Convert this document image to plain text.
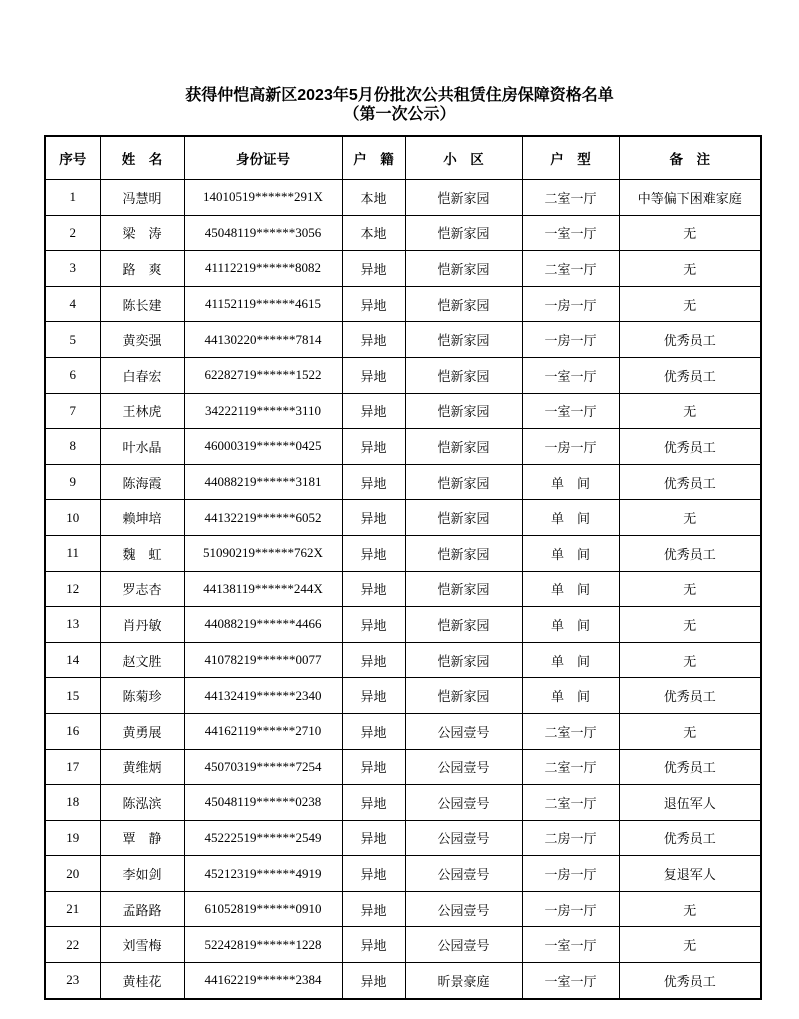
获得仲恺高新区2023年5月份批次公共租赁住房保障资格名单
（第一次公示）
序号	姓　名	身份证号	户　籍	小　区	户　型	备　注
1	冯慧明	14010519******291X	本地	恺新家园	二室一厅	中等偏下困难家庭
2	梁　涛	45048119******3056	本地	恺新家园	一室一厅	无
3	路　爽	41112219******8082	异地	恺新家园	二室一厅	无
4	陈长建	41152119******4615	异地	恺新家园	一房一厅	无
5	黄奕强	44130220******7814	异地	恺新家园	一房一厅	优秀员工
6	白春宏	62282719******1522	异地	恺新家园	一室一厅	优秀员工
7	王林虎	34222119******3110	异地	恺新家园	一室一厅	无
8	叶水晶	46000319******0425	异地	恺新家园	一房一厅	优秀员工
9	陈海霞	44088219******3181	异地	恺新家园	单　间	优秀员工
10	赖坤培	44132219******6052	异地	恺新家园	单　间	无
11	魏　虹	51090219******762X	异地	恺新家园	单　间	优秀员工
12	罗志杏	44138119******244X	异地	恺新家园	单　间	无
13	肖丹敏	44088219******4466	异地	恺新家园	单　间	无
14	赵文胜	41078219******0077	异地	恺新家园	单　间	无
15	陈菊珍	44132419******2340	异地	恺新家园	单　间	优秀员工
16	黄勇展	44162119******2710	异地	公园壹号	二室一厅	无
17	黄维炳	45070319******7254	异地	公园壹号	二室一厅	优秀员工
18	陈泓滨	45048119******0238	异地	公园壹号	二室一厅	退伍军人
19	覃　静	45222519******2549	异地	公园壹号	二房一厅	优秀员工
20	李如剑	45212319******4919	异地	公园壹号	一房一厅	复退军人
21	孟路路	61052819******0910	异地	公园壹号	一房一厅	无
22	刘雪梅	52242819******1228	异地	公园壹号	一室一厅	无
23	黄桂花	44162219******2384	异地	昕景豪庭	一室一厅	优秀员工
